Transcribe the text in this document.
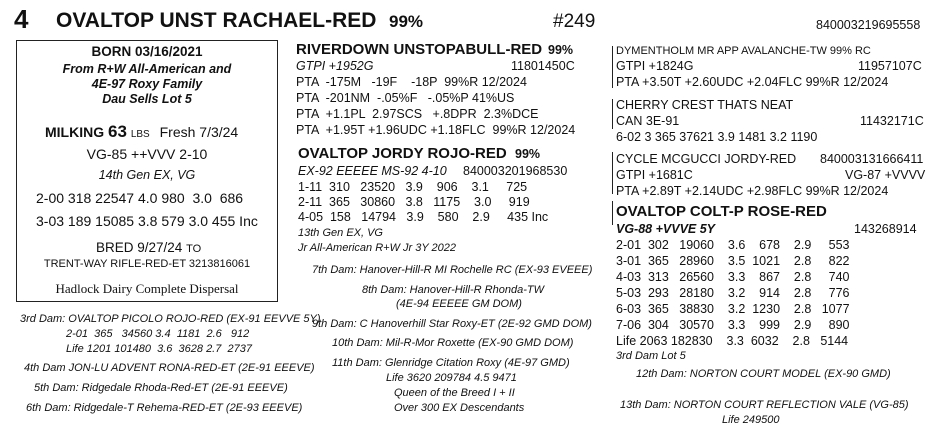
4 OVALTOP UNST RACHAEL-RED 99%	#249	840003219695558
BORN 03/16/2021
From R+W All-American and
4E-97 Roxy Family
Dau Sells Lot 5
MILKING 63 LBS Fresh 7/3/24
VG-85 ++VVV 2-10
14th Gen EX, VG
2-00 318 22547 4.0 980  3.0  686
3-03 189 15085 3.8 579 3.0 455 Inc
BRED 9/27/24 TO
TRENT-WAY RIFLE-RED-ET 3213816061
Hadlock Dairy Complete Dispersal
RIVERDOWN UNSTOPABULL-RED 99%
GTPI +1952G	11801450C
PTA  -175M   -19F    -18P  99%R 12/2024
PTA  -201NM  -.05%F   -.05%P 41%US
PTA  +1.1PL  2.97SCS   +.8DPR  2.3%DCE
PTA  +1.95T +1.96UDC +1.18FLC  99%R 12/2024
OVALTOP JORDY ROJO-RED 99%
EX-92 EEEEE MS-92 4-10 840003201968530
1-11  310   23520   3.9    906    3.1     725
2-11  365   30860   3.8   1175    3.0     919
4-05  158   14794   3.9    580    2.9     435 Inc
13th Gen EX, VG
Jr All-American R+W Jr 3Y 2022
DYMENTHOLM MR APP AVALANCHE-TW 99% RC
GTPI +1824G	11957107C
PTA +3.50T +2.60UDC +2.04FLC 99%R 12/2024
CHERRY CREST THATS NEAT
CAN 3E-91	11432171C
6-02 3 365 37621 3.9 1481 3.2 1190
CYCLE MCGUCCI JORDY-RED 840003131666411
GTPI +1681C	VG-87 +VVVV
PTA +2.89T +2.14UDC +2.98FLC 99%R 12/2024
OVALTOP COLT-P ROSE-RED
VG-88 +VVVE 5Y	143268914
2-01  302   19060    3.6    678    2.9     553
3-01  365   28960    3.5  1021    2.8     822
4-03  313   26560    3.3    867    2.8     740
5-03  293   28180    3.2    914    2.8     776
6-03  365   38830    3.2  1230    2.8   1077
7-06  304   30570    3.3    999    2.9     890
Life 2063 182830    3.3  6032    2.8   5144
3rd Dam Lot 5
3rd Dam: OVALTOP PICOLO ROJO-RED (EX-91 EEVVE 5Y)
2-01  365   34560 3.4  1181  2.6   912
Life 1201 101480  3.6  3628 2.7  2737
4th Dam JON-LU ADVENT RONA-RED-ET (2E-91 EEEVE)
5th Dam: Ridgedale Rhoda-Red-ET (2E-91 EEEVE)
6th Dam: Ridgedale-T Rehema-RED-ET (2E-93 EEEVE)
7th Dam: Hanover-Hill-R MI Rochelle RC (EX-93 EVEEE)
8th Dam: Hanover-Hill-R Rhonda-TW
(4E-94 EEEEE GM DOM)
9th Dam: C Hanoverhill Star Roxy-ET (2E-92 GMD DOM)
10th Dam: Mil-R-Mor Roxette (EX-90 GMD DOM)
11th Dam: Glenridge Citation Roxy (4E-97 GMD)
Life 3620 209784 4.5 9471
Queen of the Breed I + II
Over 300 EX Descendants
12th Dam: NORTON COURT MODEL (EX-90 GMD)
13th Dam: NORTON COURT REFLECTION VALE (VG-85)
Life 249500
